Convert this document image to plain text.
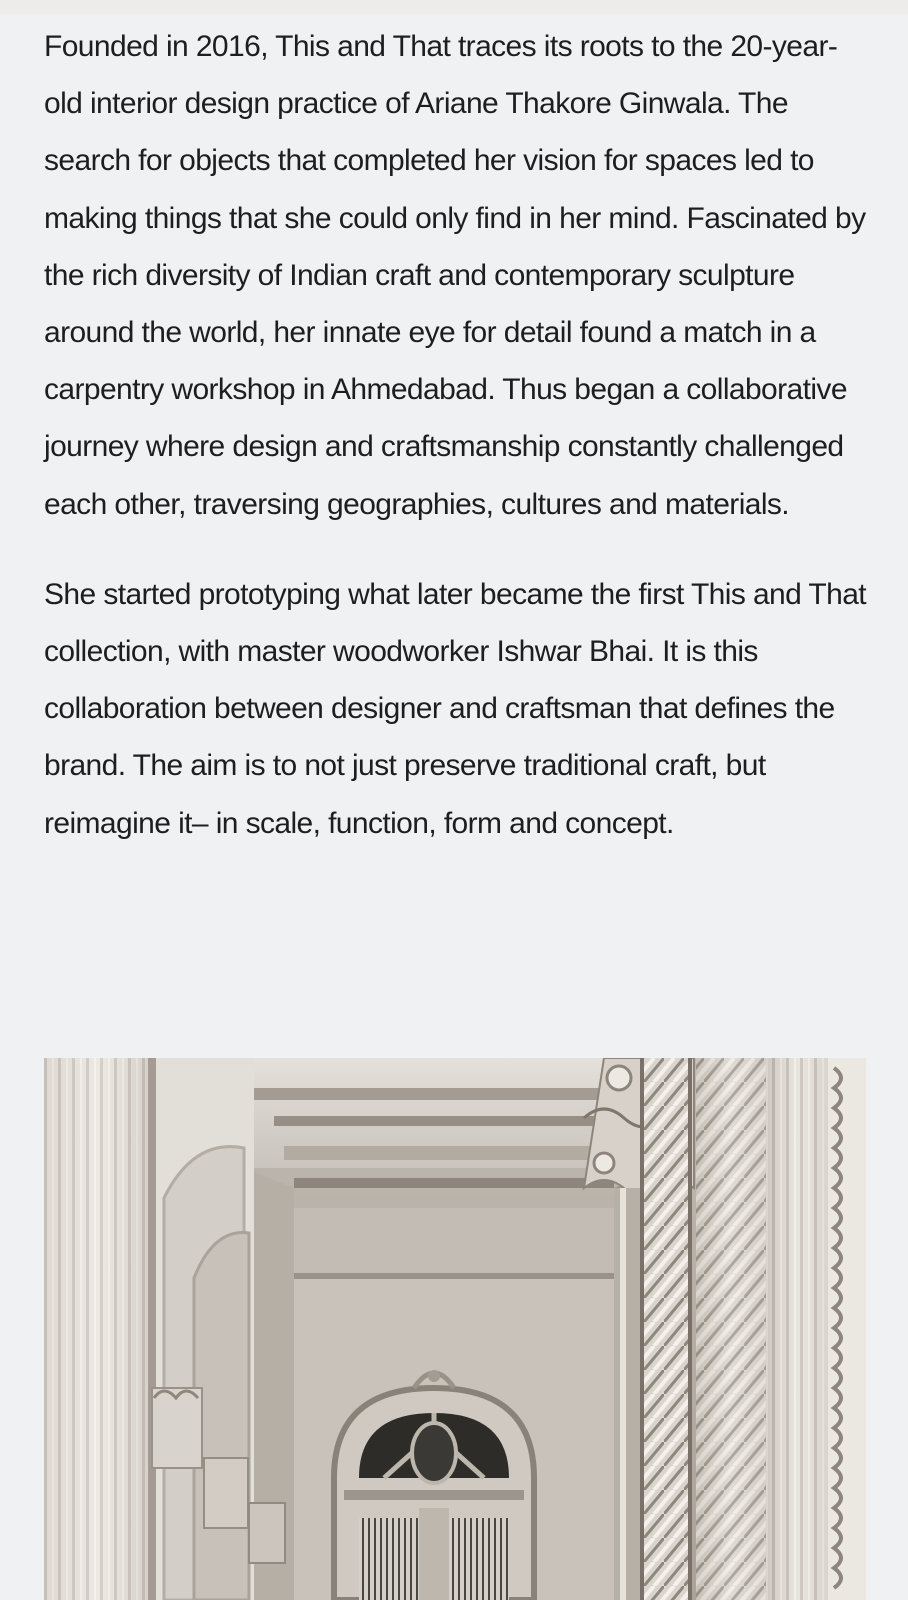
Founded in 2016, This and That traces its roots to the 20-year-old interior design practice of Ariane Thakore Ginwala. The search for objects that completed her vision for spaces led to making things that she could only find in her mind. Fascinated by the rich diversity of Indian craft and contemporary sculpture around the world, her innate eye for detail found a match in a carpentry workshop in Ahmedabad. Thus began a collaborative journey where design and craftsmanship constantly challenged each other, traversing geographies, cultures and materials.

She started prototyping what later became the first This and That collection, with master woodworker Ishwar Bhai. It is this collaboration between designer and craftsman that defines the brand. The aim is to not just preserve traditional craft, but reimagine it– in scale, function, form and concept.
